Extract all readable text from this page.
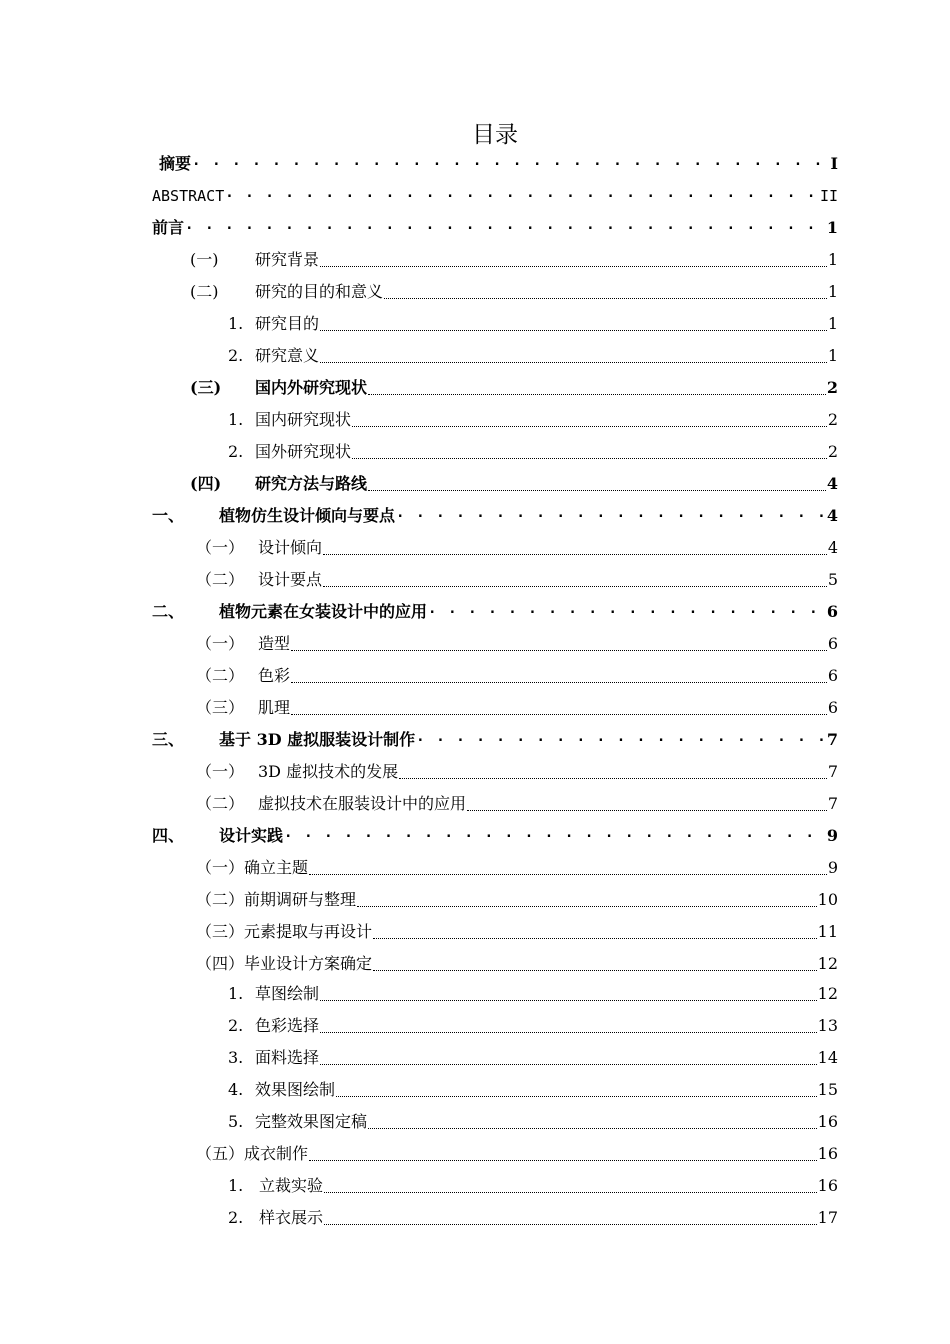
目录
摘要 . . .	I
ABSTRACT . . .	II
前言 . . .	1
(一)	研究背景	1
(二)	研究的目的和意义	1
1. 研究目的	1
2. 研究意义	1
(三)	国内外研究现状	2
1. 国内研究现状	2
2. 国外研究现状	2
(四)	研究方法与路线	4
一、	植物仿生设计倾向与要点 . . .	4
（一） 设计倾向	4
（二） 设计要点	5
二、	植物元素在女装设计中的应用 . . .	6
（一） 造型	6
（二） 色彩	6
（三） 肌理	6
三、	基于 3D 虚拟服装设计制作 . . .	7
（一） 3D 虚拟技术的发展	7
（二） 虚拟技术在服装设计中的应用	7
四、	设计实践 . . .	9
（一）确立主题	9
（二）前期调研与整理	10
（三）元素提取与再设计	11
（四）毕业设计方案确定	12
1. 草图绘制	12
2. 色彩选择	13
3. 面料选择	14
4. 效果图绘制	15
5. 完整效果图定稿	16
（五）成衣制作	16
1. 立裁实验	16
2. 样衣展示	17
